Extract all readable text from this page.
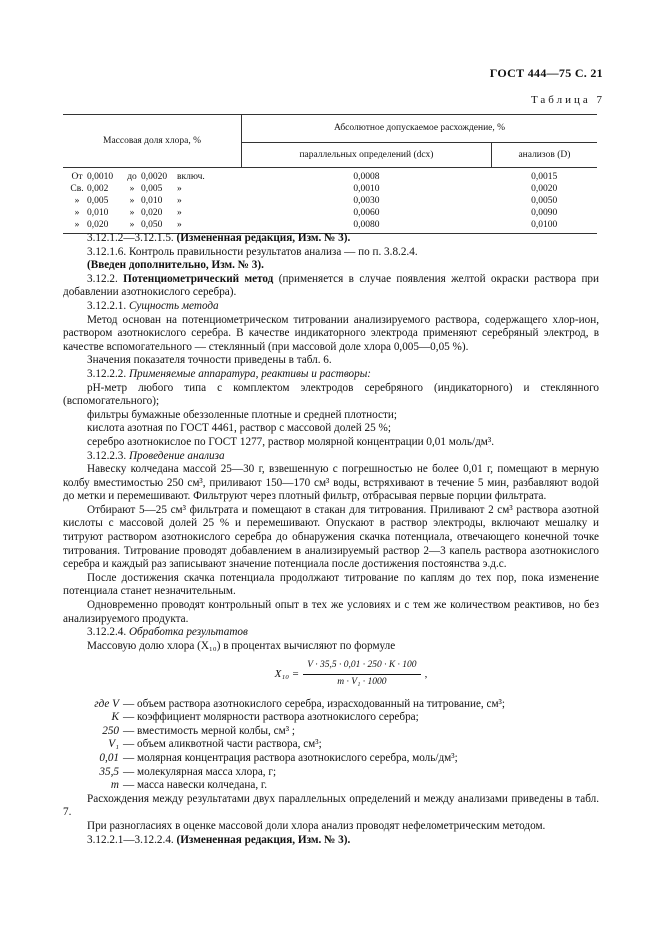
ГОСТ 444—75 С. 21
Таблица 7
Массовая доля хлора, %	Абсолютное допускаемое расхождение, %	
	параллельных определений (dсх)	анализов (D)

От 0,0010 до 0,0020 включ.	0,0008	0,0015
Св. 0,002 » 0,005 »	0,0010	0,0020
» 0,005 » 0,010 »	0,0030	0,0050
» 0,010 » 0,020 »	0,0060	0,0090
» 0,020 » 0,050 »	0,0080	0,0100

3.12.1.2—3.12.1.5. (Измененная редакция, Изм. № 3).

3.12.1.6. Контроль правильности результатов анализа — по п. 3.8.2.4.

(Введен дополнительно, Изм. № 3).

3.12.2. Потенциометрический метод (применяется в случае появления желтой окраски раствора при добавлении азотнокислого серебра).

3.12.2.1. Сущность метода

Метод основан на потенциометрическом титровании анализируемого раствора, содержащего хлор-ион, раствором азотнокислого серебра. В качестве индикаторного электрода применяют серебряный электрод, в качестве вспомогательного — стеклянный (при массовой доле хлора 0,005—0,05 %).

Значения показателя точности приведены в табл. 6.

3.12.2.2. Применяемые аппаратура, реактивы и растворы:

рН-метр любого типа с комплектом электродов серебряного (индикаторного) и стеклянного (вспомогательного);

фильтры бумажные обеззоленные плотные и средней плотности;

кислота азотная по ГОСТ 4461, раствор с массовой долей 25 %;

серебро азотнокислое по ГОСТ 1277, раствор молярной концентрации 0,01 моль/дм³.

3.12.2.3. Проведение анализа

Навеску колчедана массой 25—30 г, взвешенную с погрешностью не более 0,01 г, помещают в мерную колбу вместимостью 250 см³, приливают 150—170 см³ воды, встряхивают в течение 5 мин, разбавляют водой до метки и перемешивают. Фильтруют через плотный фильтр, отбрасывая первые порции фильтрата.

Отбирают 5—25 см³ фильтрата и помещают в стакан для титрования. Приливают 2 см³ раствора азотной кислоты с массовой долей 25 % и перемешивают. Опускают в раствор электроды, включают мешалку и титруют раствором азотнокислого серебра до обнаружения скачка потенциала, отвечающего конечной точке титрования. Титрование проводят добавлением в анализируемый раствор 2—3 капель раствора азотнокислого серебра и каждый раз записывают значение потенциала после достижения постоянства э.д.с.

После достижения скачка потенциала продолжают титрование по каплям до тех пор, пока изменение потенциала станет незначительным.

Одновременно проводят контрольный опыт в тех же условиях и с тем же количеством реактивов, но без анализируемого продукта.

3.12.2.4. Обработка результатов

Массовую долю хлора (X₁₀) в процентах вычисляют по формуле

$X_{10} = \frac{V \cdot 35,5 \cdot 0,01 \cdot 250 \cdot K \cdot 100}{\text{m · V₁ · 1000}}$ ,
где V — объем раствора азотнокислого серебра, израсходованный на титрование, см³;
K — коэффициент молярности раствора азотнокислого серебра;
250 — вместимость мерной колбы, см³ ;
V₁ — объем аликвотной части раствора, см³;
0,01 — молярная концентрация раствора азотнокислого серебра, моль/дм³;
35,5 — молекулярная масса хлора, г;
m — масса навески колчедана, г.

Расхождения между результатами двух параллельных определений и между анализами приведены в табл. 7.

При разногласиях в оценке массовой доли хлора анализ проводят нефелометрическим методом.

3.12.2.1—3.12.2.4. (Измененная редакция, Изм. № 3).
